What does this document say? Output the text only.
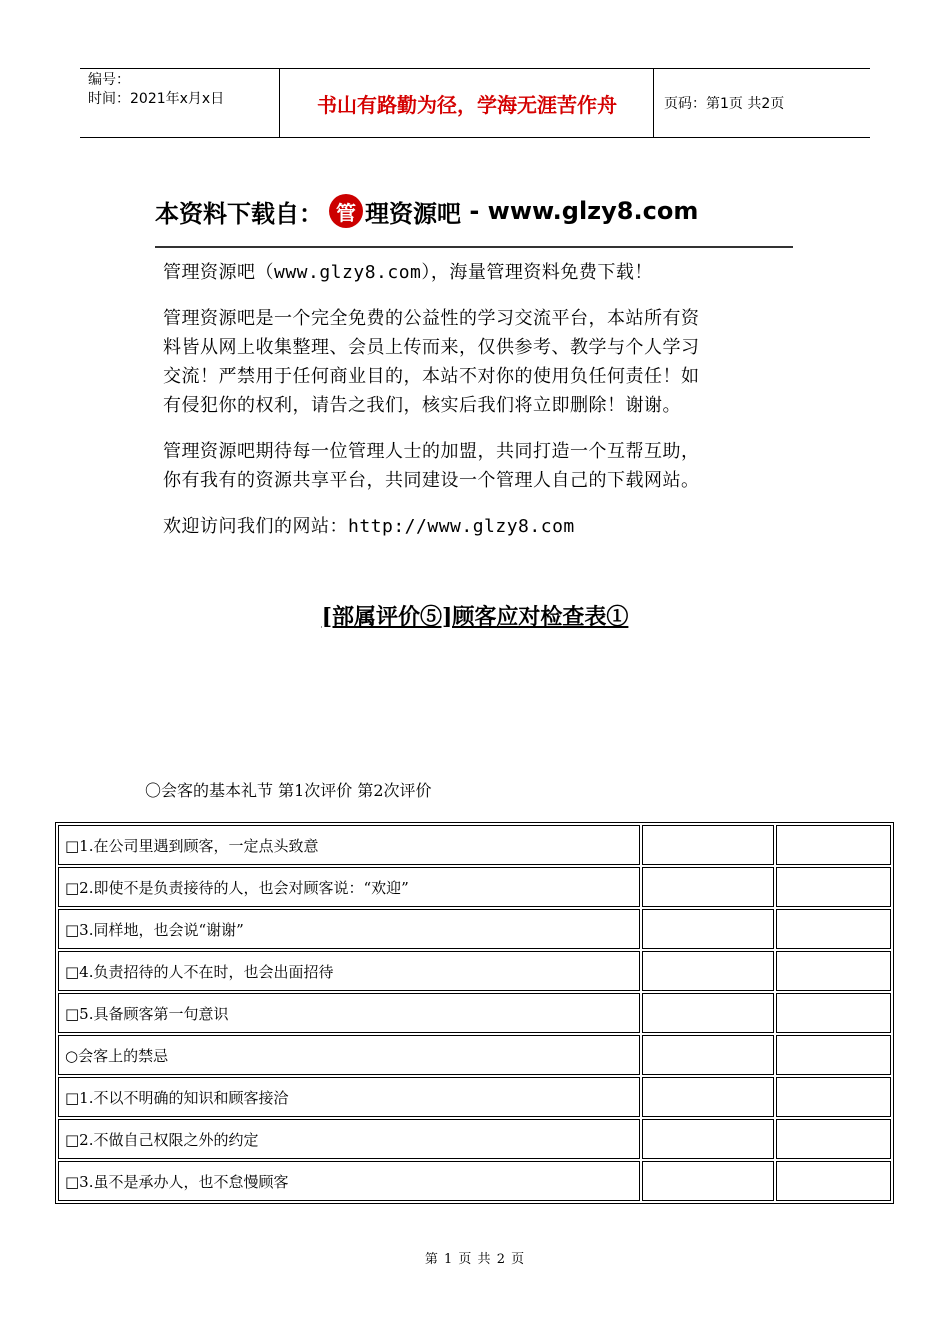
编号：
时间：2021年x月x日	书山有路勤为径，学海无涯苦作舟	页码：第1页 共2页
本资料下载自： 管 理资源吧 - www.glzy8.com
管理资源吧（www.glzy8.com），海量管理资料免费下载！
管理资源吧是一个完全免费的公益性的学习交流平台，本站所有资
料皆从网上收集整理、会员上传而来，仅供参考、教学与个人学习
交流！严禁用于任何商业目的，本站不对你的使用负任何责任！如
有侵犯你的权利，请告之我们，核实后我们将立即删除！谢谢。
管理资源吧期待每一位管理人士的加盟，共同打造一个互帮互助，
你有我有的资源共享平台，共同建设一个管理人自己的下载网站。
欢迎访问我们的网站：http://www.glzy8.com
[部属评价⑤]顾客应对检查表①
〇会客的基本礼节 第1次评价 第2次评价
□1.在公司里遇到顾客，一定点头致意		
□2.即使不是负责接待的人，也会对顾客说：“欢迎”		
□3.同样地，也会说“谢谢”		
□4.负责招待的人不在时，也会出面招待		
□5.具备顾客第一句意识		
○会客上的禁忌		
□1.不以不明确的知识和顾客接洽		
□2.不做自己权限之外的约定		
□3.虽不是承办人，也不怠慢顾客		
第 1 页 共 2 页
